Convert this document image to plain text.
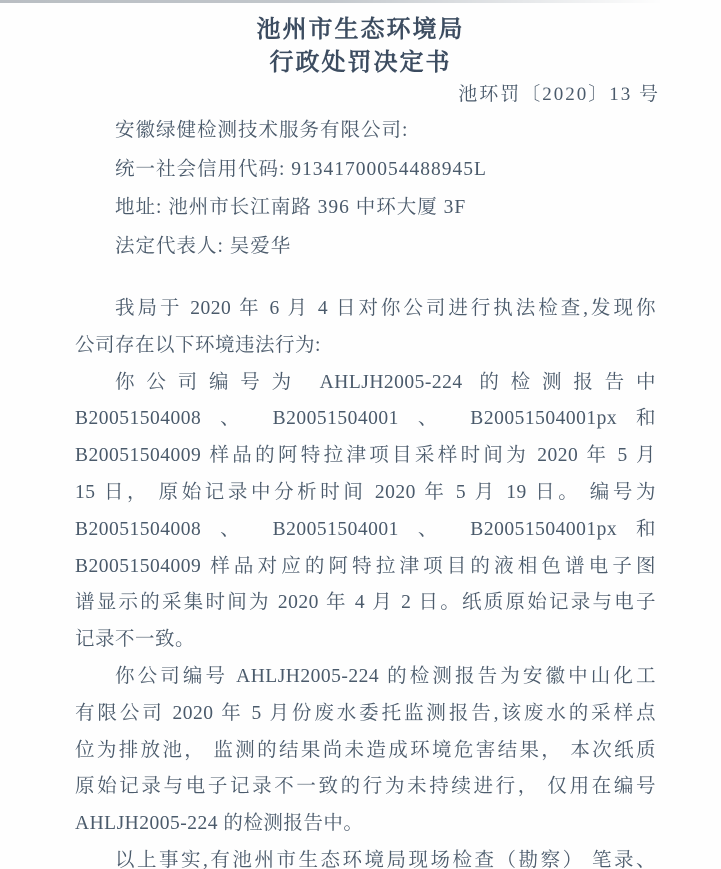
池州市生态环境局
行政处罚决定书
池环罚〔2020〕13 号
安徽绿健检测技术服务有限公司:
统一社会信用代码: 91341700054488945L
地址: 池州市长江南路 396 中环大厦 3F
法定代表人: 吴爱华
我局于 2020 年 6 月 4 日对你公司进行执法检查,发现你
公司存在以下环境违法行为:
你公司编号为 AHLJH2005-224 的检测报告中
B20051504008 、 B20051504001 、 B20051504001px 和
B20051504009 样品的阿特拉津项目采样时间为 2020 年 5 月
15 日， 原始记录中分析时间 2020 年 5 月 19 日。 编号为
B20051504008 、 B20051504001 、 B20051504001px 和
B20051504009 样品对应的阿特拉津项目的液相色谱电子图
谱显示的采集时间为 2020 年 4 月 2 日。纸质原始记录与电子
记录不一致。
你公司编号 AHLJH2005-224 的检测报告为安徽中山化工
有限公司 2020 年 5 月份废水委托监测报告,该废水的采样点
位为排放池， 监测的结果尚未造成环境危害结果， 本次纸质
原始记录与电子记录不一致的行为未持续进行， 仅用在编号
AHLJH2005-224 的检测报告中。
以上事实,有池州市生态环境局现场检查（勘察） 笔录、
